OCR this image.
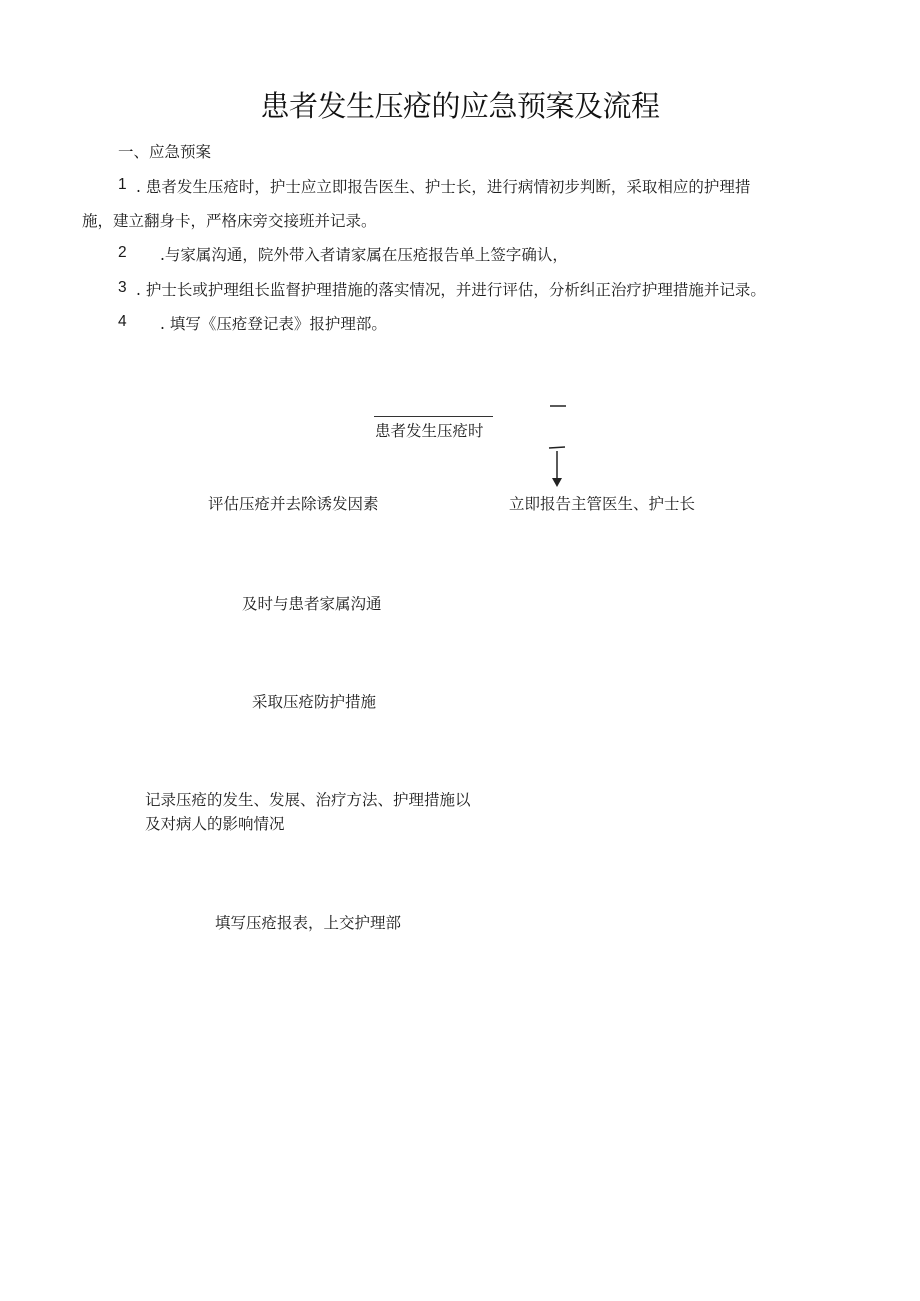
患者发生压疮的应急预案及流程
一、应急预案
1 . 患者发生压疮时，护士应立即报告医生、护士长，进行病情初步判断，采取相应的护理措
施，建立翻身卡，严格床旁交接班并记录。
2 .与家属沟通，院外带入者请家属在压疮报告单上签字确认，
3 . 护士长或护理组长监督护理措施的落实情况，并进行评估，分析纠正治疗护理措施并记录。
4 . 填写《压疮登记表》报护理部。
患者发生压疮时
评估压疮并去除诱发因素	立即报告主管医生、护士长
及时与患者家属沟通
采取压疮防护措施
记录压疮的发生、发展、治疗方法、护理措施以
及对病人的影响情况
填写压疮报表，上交护理部
